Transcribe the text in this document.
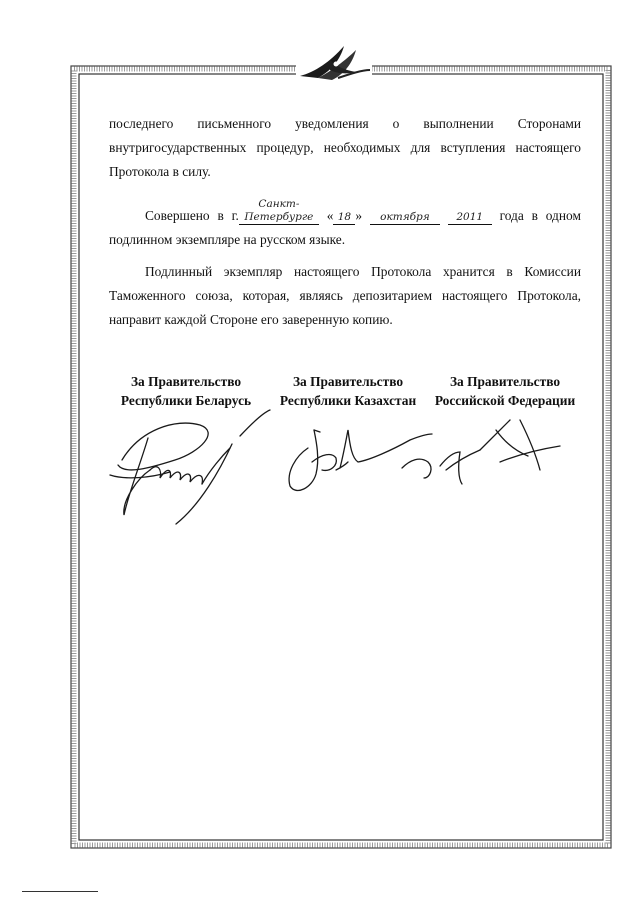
последнего письменного уведомления о выполнении Сторонами внутригосударственных процедур, необходимых для вступления настоящего Протокола в силу.
Совершено в г.Санкт-Петербурге « 18 » октября	2011 года в одном подлинном экземпляре на русском языке.
Подлинный экземпляр настоящего Протокола хранится в Комиссии Таможенного союза, которая, являясь депозитарием настоящего Протокола, направит каждой Стороне его заверенную копию.
За Правительство
Республики Беларусь
За Правительство
Республики Казахстан
За Правительство
Российской Федерации
